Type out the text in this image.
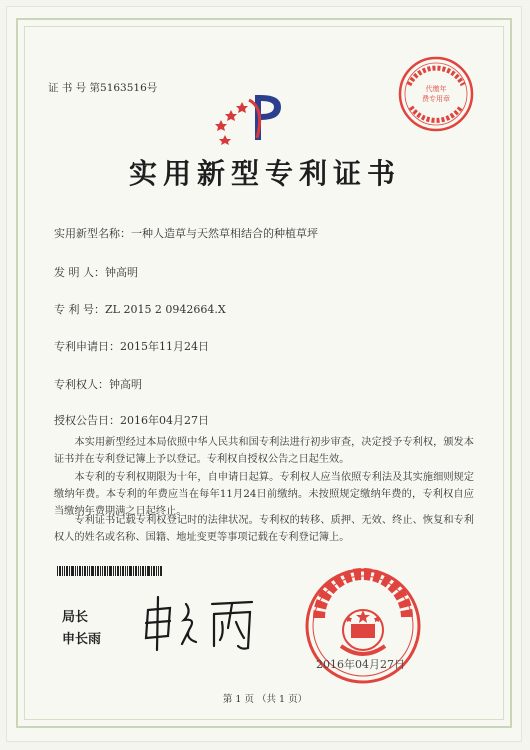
证 书 号 第5163516号	代缴年
费专用章
实用新型专利证书
实用新型名称：一种人造草与天然草相结合的种植草坪
发 明 人：钟高明
专 利 号：ZL 2015 2 0942664.X
专利申请日：2015年11月24日
专利权人：钟高明
授权公告日：2016年04月27日
本实用新型经过本局依照中华人民共和国专利法进行初步审查，决定授予专利权，颁发本证书并在专利登记簿上予以登记。专利权自授权公告之日起生效。
本专利的专利权期限为十年，自申请日起算。专利权人应当依照专利法及其实施细则规定缴纳年费。本专利的年费应当在每年11月24日前缴纳。未按照规定缴纳年费的，专利权自应当缴纳年费期满之日起终止。
专利证书记载专利权登记时的法律状况。专利权的转移、质押、无效、终止、恢复和专利权人的姓名或名称、国籍、地址变更等事项记载在专利登记簿上。
局长
申长雨
2016年04月27日
第 1 页 （共 1 页）
